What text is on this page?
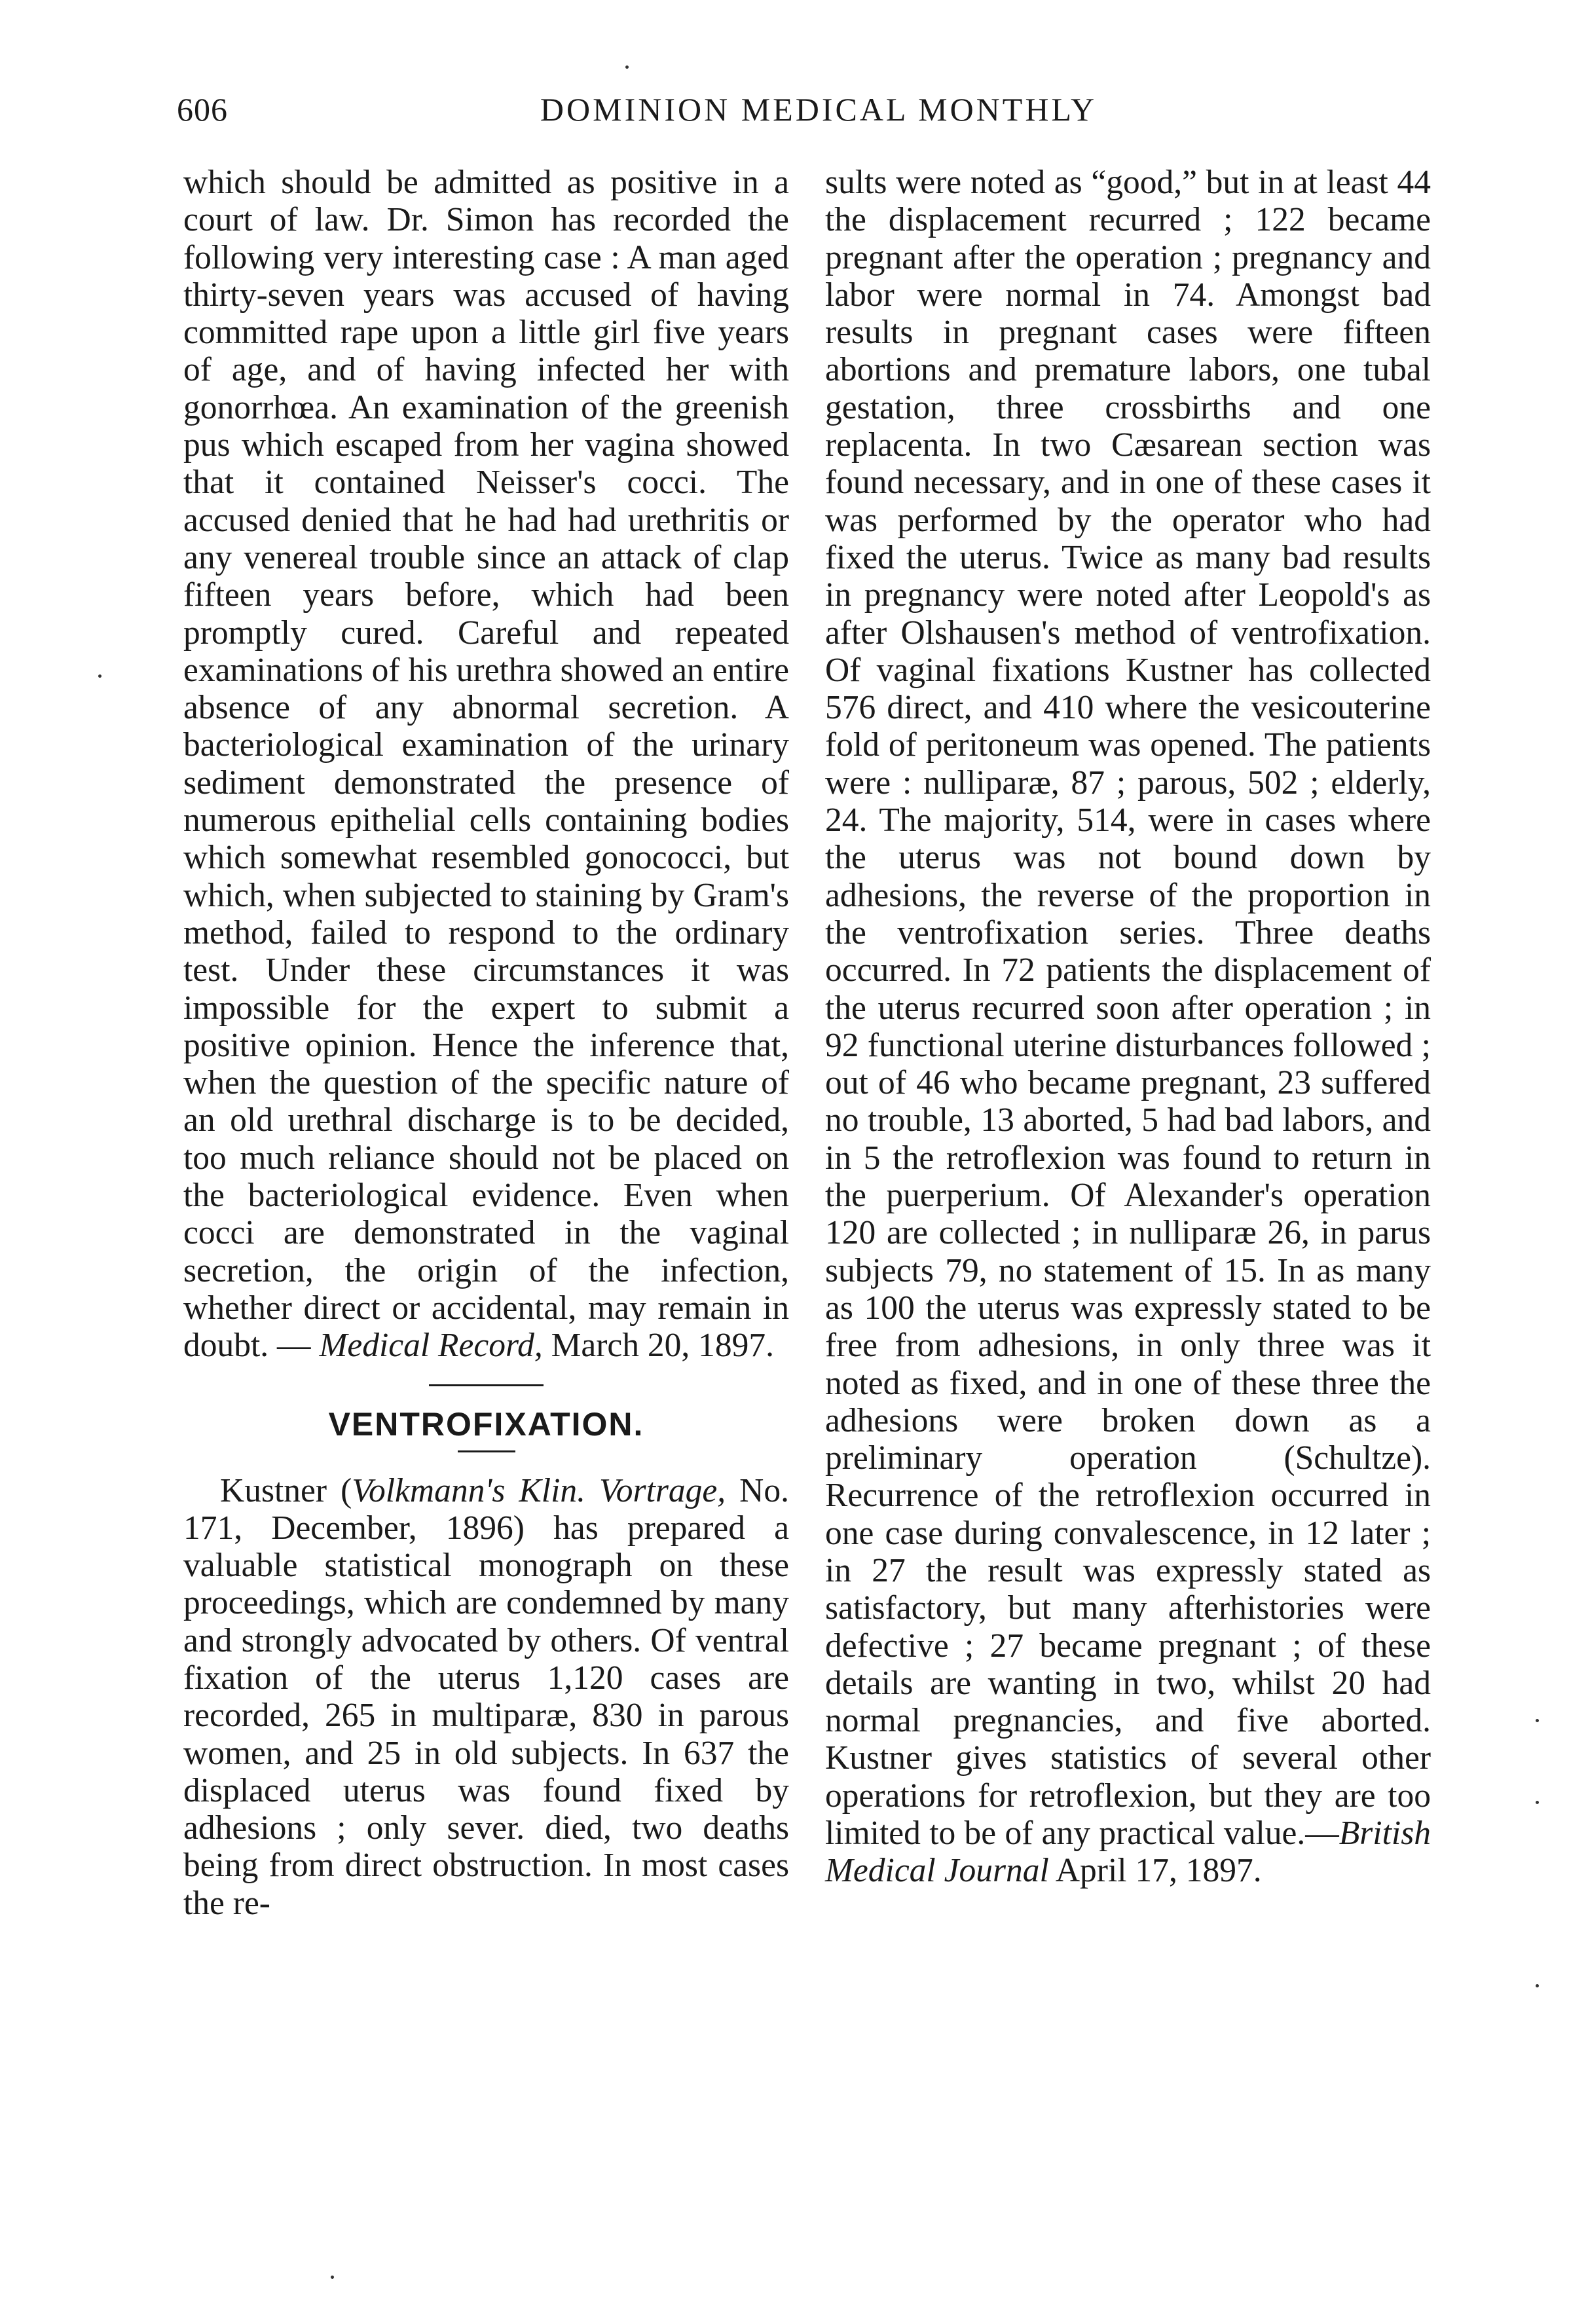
606	DOMINION MEDICAL MONTHLY

which should be admitted as positive in a court of law. Dr. Simon has recorded the following very interesting case : A man aged thirty-seven years was accused of having committed rape upon a little girl five years of age, and of having infected her with gonorrhœa. An examination of the greenish pus which escaped from her vagina showed that it contained Neisser's cocci. The accused denied that he had had urethritis or any venereal trouble since an attack of clap fifteen years before, which had been promptly cured. Careful and repeated examinations of his urethra showed an entire absence of any abnormal secretion. A bacteriological examination of the urinary sediment demonstrated the presence of numerous epithelial cells containing bodies which somewhat resembled gonococci, but which, when subjected to staining by Gram's method, failed to respond to the ordinary test. Under these circumstances it was impossible for the expert to submit a positive opinion. Hence the inference that, when the question of the specific nature of an old urethral discharge is to be decided, too much reliance should not be placed on the bacteriological evidence. Even when cocci are demonstrated in the vaginal secretion, the origin of the infection, whether direct or accidental, may remain in doubt. — Medical Record, March 20, 1897.

VENTROFIXATION.

Kustner (Volkmann's Klin. Vortrage, No. 171, December, 1896) has prepared a valuable statistical monograph on these proceedings, which are condemned by many and strongly advocated by others. Of ventral fixation of the uterus 1,120 cases are recorded, 265 in multiparæ, 830 in parous women, and 25 in old subjects. In 637 the displaced uterus was found fixed by adhesions ; only sever. died, two deaths being from direct obstruction. In most cases the re-

sults were noted as “good,” but in at least 44 the displacement recurred ; 122 became pregnant after the operation ; pregnancy and labor were normal in 74. Amongst bad results in pregnant cases were fifteen abortions and premature labors, one tubal gestation, three crossbirths and one replacenta. In two Cæsarean section was found necessary, and in one of these cases it was performed by the operator who had fixed the uterus. Twice as many bad results in pregnancy were noted after Leopold's as after Olshausen's method of ventrofixation. Of vaginal fixations Kustner has collected 576 direct, and 410 where the vesicouterine fold of peritoneum was opened. The patients were : nulliparæ, 87 ; parous, 502 ; elderly, 24. The majority, 514, were in cases where the uterus was not bound down by adhesions, the reverse of the proportion in the ventrofixation series. Three deaths occurred. In 72 patients the displacement of the uterus recurred soon after operation ; in 92 functional uterine disturbances followed ; out of 46 who became pregnant, 23 suffered no trouble, 13 aborted, 5 had bad labors, and in 5 the retroflexion was found to return in the puerperium. Of Alexander's operation 120 are collected ; in nulliparæ 26, in parus subjects 79, no statement of 15. In as many as 100 the uterus was expressly stated to be free from adhesions, in only three was it noted as fixed, and in one of these three the adhesions were broken down as a preliminary operation (Schultze). Recurrence of the retroflexion occurred in one case during convalescence, in 12 later ; in 27 the result was expressly stated as satisfactory, but many afterhistories were defective ; 27 became pregnant ; of these details are wanting in two, whilst 20 had normal pregnancies, and five aborted. Kustner gives statistics of several other operations for retroflexion, but they are too limited to be of any practical value.—British Medical Journal April 17, 1897.
